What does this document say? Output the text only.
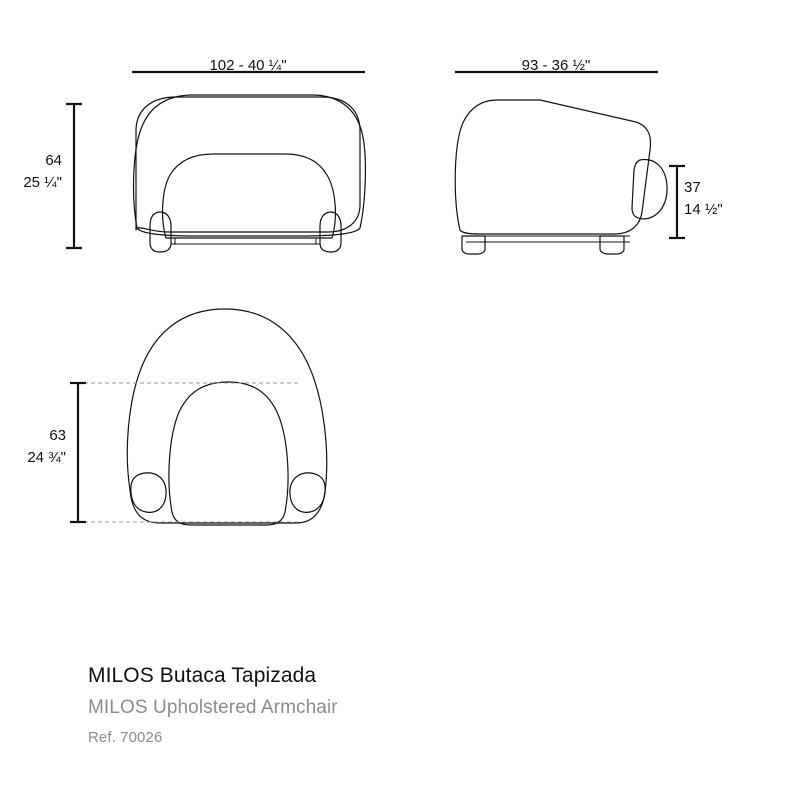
102 - 40 ¼"
64
25 ¼"
93 - 36 ½"
37
14 ½"
63
24 ¾"
MILOS Butaca Tapizada
MILOS Upholstered Armchair
Ref. 70026
